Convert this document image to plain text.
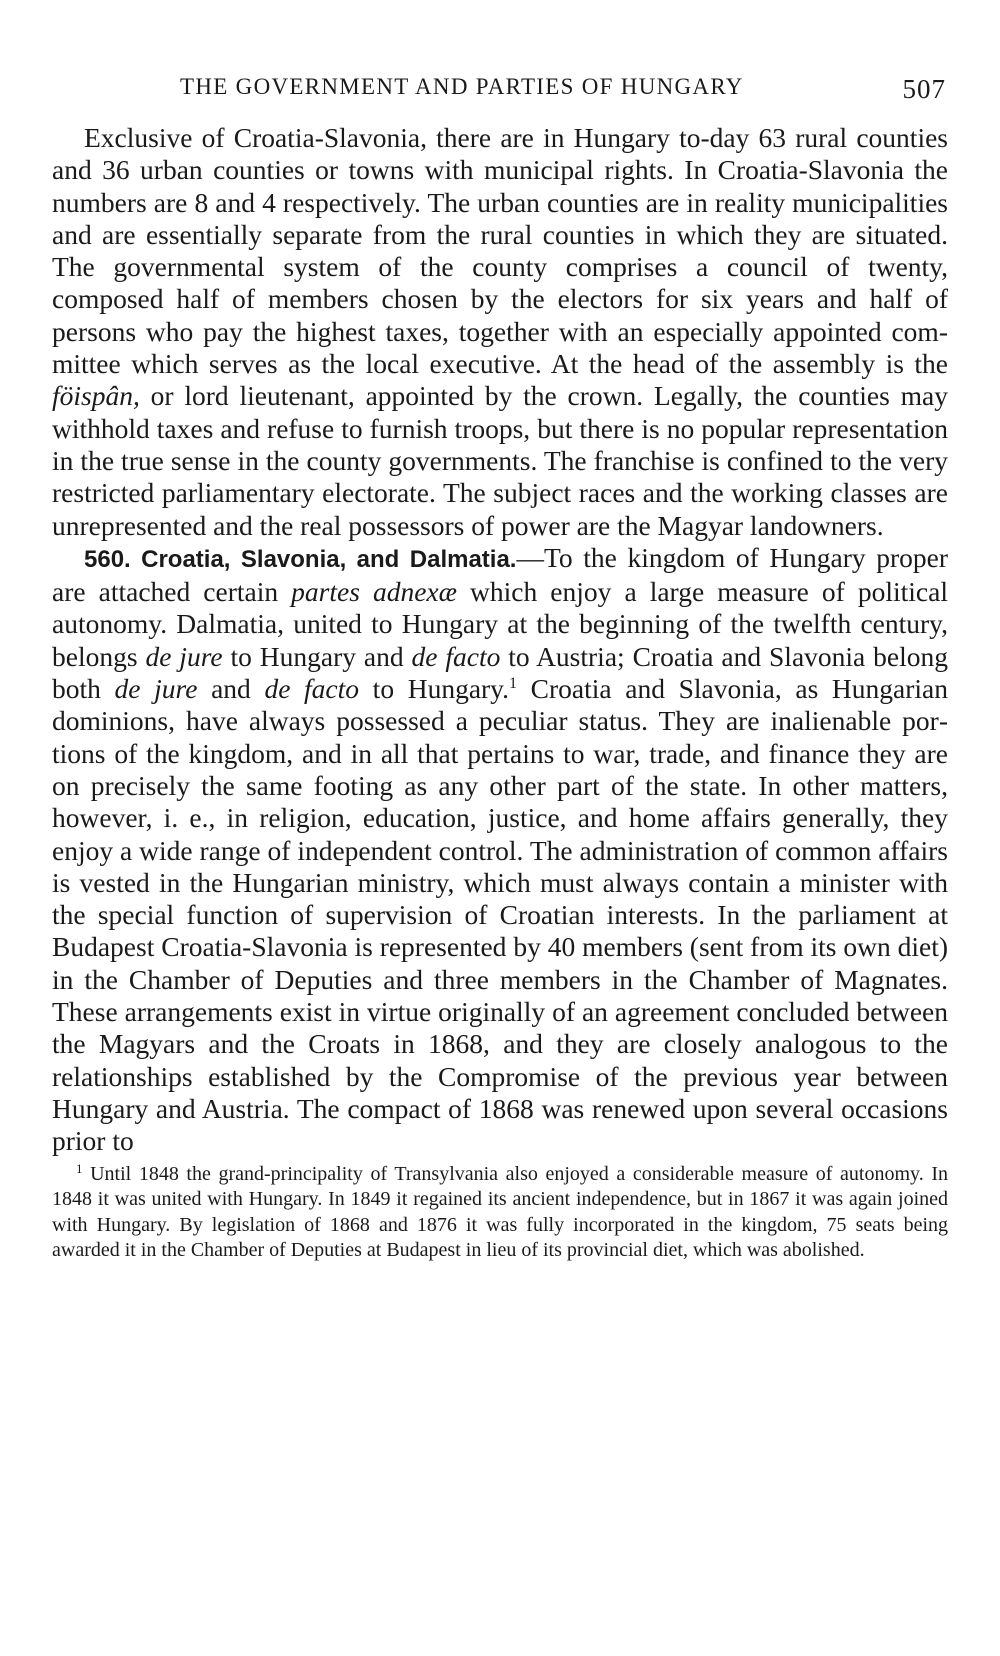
THE GOVERNMENT AND PARTIES OF HUNGARY	507

Exclusive of Croatia-Slavonia, there are in Hungary to-day 63 rural counties and 36 urban counties or towns with municipal rights. In Croatia-Slavonia the numbers are 8 and 4 respectively. The urban counties are in reality municipalities and are essentially separate from the rural counties in which they are situated. The governmental system of the county comprises a council of twenty, composed half of members chosen by the electors for six years and half of persons who pay the highest taxes, together with an especially appointed committee which serves as the local executive. At the head of the assembly is the föispân, or lord lieutenant, appointed by the crown. Legally, the counties may withhold taxes and refuse to furnish troops, but there is no popular representation in the true sense in the county governments. The franchise is confined to the very restricted parliamentary electorate. The subject races and the working classes are unrepresented and the real possessors of power are the Magyar landowners.

560. Croatia, Slavonia, and Dalmatia.—To the kingdom of Hungary proper are attached certain partes adnexæ which enjoy a large measure of political autonomy. Dalmatia, united to Hungary at the beginning of the twelfth century, belongs de jure to Hungary and de facto to Austria; Croatia and Slavonia belong both de jure and de facto to Hungary.$^1$ Croatia and Slavonia, as Hungarian dominions, have always possessed a peculiar status. They are inalienable portions of the kingdom, and in all that pertains to war, trade, and finance they are on precisely the same footing as any other part of the state. In other matters, however, i. e., in religion, education, justice, and home affairs generally, they enjoy a wide range of independent control. The administration of common affairs is vested in the Hungarian ministry, which must always contain a minister with the special function of supervision of Croatian interests. In the parliament at Budapest Croatia-Slavonia is represented by 40 members (sent from its own diet) in the Chamber of Deputies and three members in the Chamber of Magnates. These arrangements exist in virtue originally of an agreement concluded between the Magyars and the Croats in 1868, and they are closely analogous to the relationships established by the Compromise of the previous year between Hungary and Austria. The compact of 1868 was renewed upon several occasions prior to

$^1$ Until 1848 the grand-principality of Transylvania also enjoyed a considerable measure of autonomy. In 1848 it was united with Hungary. In 1849 it regained its ancient independence, but in 1867 it was again joined with Hungary. By legislation of 1868 and 1876 it was fully incorporated in the kingdom, 75 seats being awarded it in the Chamber of Deputies at Budapest in lieu of its provincial diet, which was abolished.
